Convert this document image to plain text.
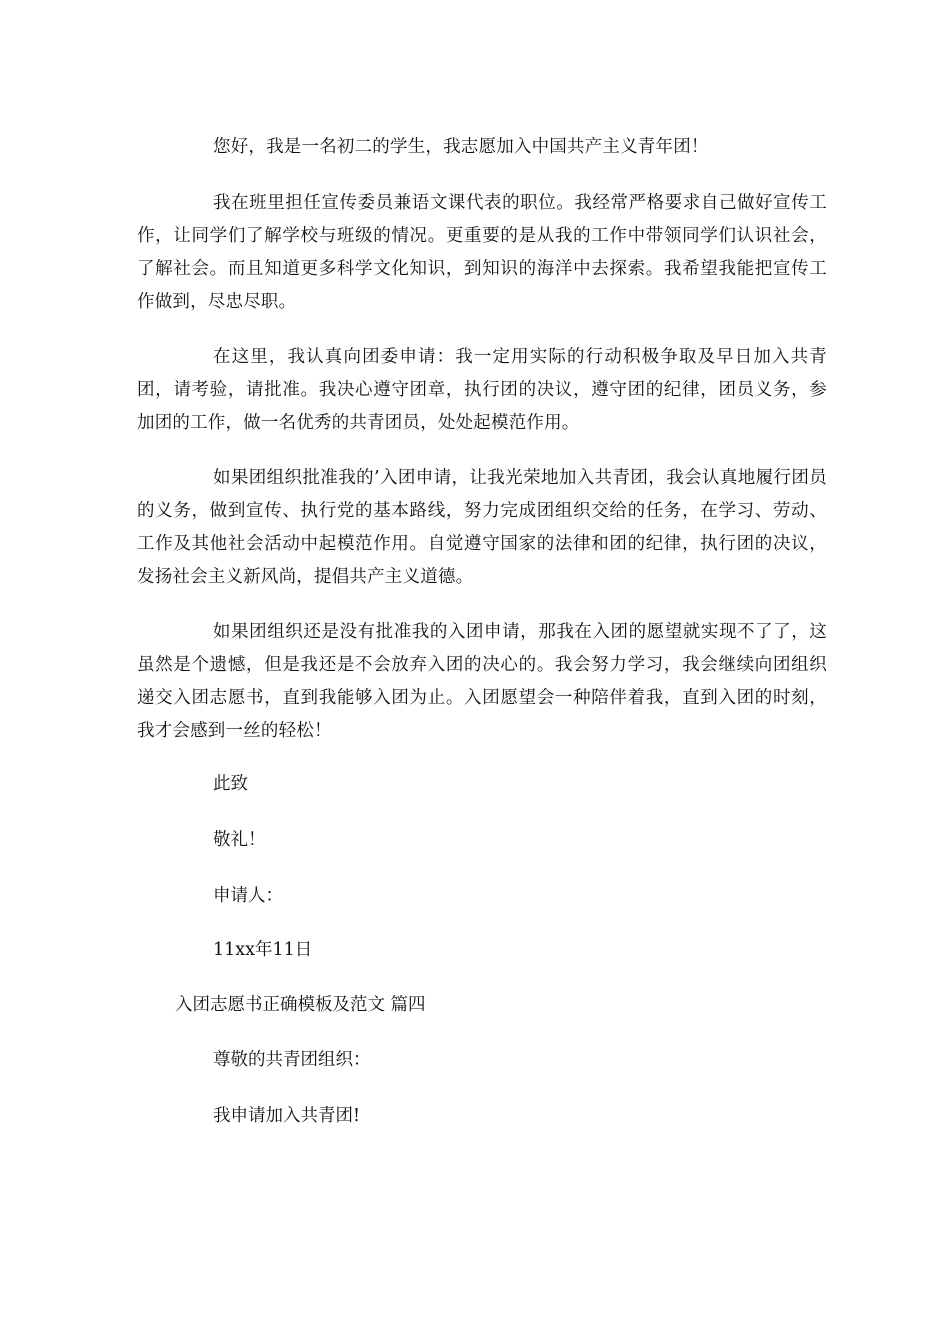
您好，我是一名初二的学生，我志愿加入中国共产主义青年团！

我在班里担任宣传委员兼语文课代表的职位。我经常严格要求自己做好宣传工作，让同学们了解学校与班级的情况。更重要的是从我的工作中带领同学们认识社会，了解社会。而且知道更多科学文化知识，到知识的海洋中去探索。我希望我能把宣传工作做到，尽忠尽职。

在这里，我认真向团委申请：我一定用实际的行动积极争取及早日加入共青团，请考验，请批准。我决心遵守团章，执行团的决议，遵守团的纪律，团员义务，参加团的工作，做一名优秀的共青团员，处处起模范作用。

如果团组织批准我的’入团申请，让我光荣地加入共青团，我会认真地履行团员的义务，做到宣传、执行党的基本路线，努力完成团组织交给的任务，在学习、劳动、工作及其他社会活动中起模范作用。自觉遵守国家的法律和团的纪律，执行团的决议，发扬社会主义新风尚，提倡共产主义道德。

如果团组织还是没有批准我的入团申请，那我在入团的愿望就实现不了了，这虽然是个遗憾，但是我还是不会放弃入团的决心的。我会努力学习，我会继续向团组织递交入团志愿书，直到我能够入团为止。入团愿望会一种陪伴着我，直到入团的时刻，我才会感到一丝的轻松！

此致

敬礼！

申请人：

11xx年11日

入团志愿书正确模板及范文 篇四

尊敬的共青团组织：

我申请加入共青团!
